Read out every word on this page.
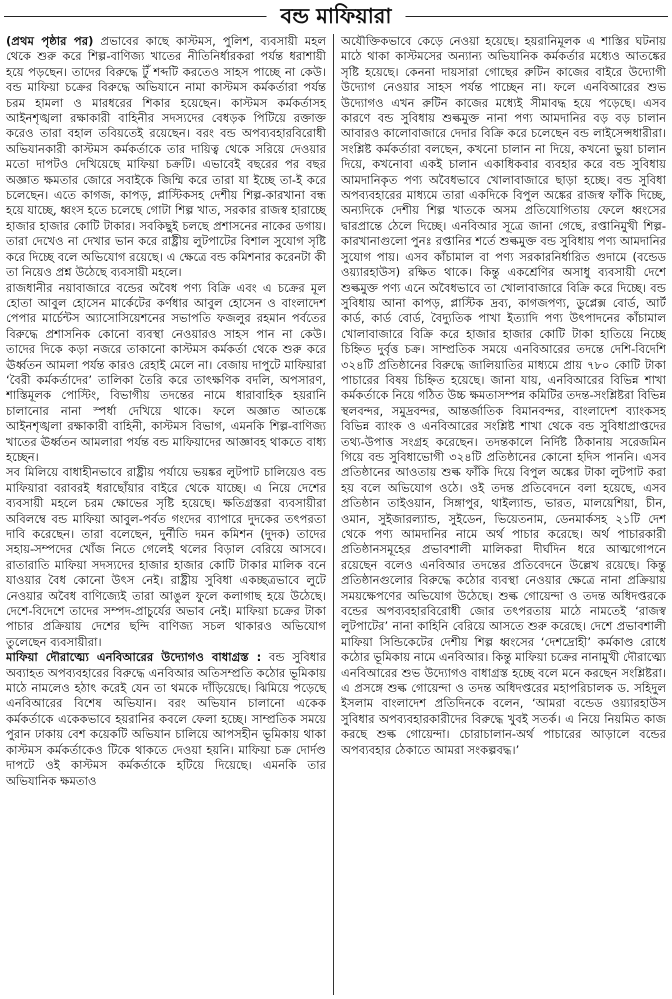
বন্ড মাফিয়ারা

(প্রথম পৃষ্ঠার পর) প্রভাবের কাছে কাস্টমস, পুলিশ, ব্যবসায়ী মহল থেকে শুরু করে শিল্প-বাণিজ্য খাতের নীতিনির্ধারকরা পর্যন্ত ধরাশায়ী হয়ে পড়ছেন। তাদের বিরুদ্ধে টুঁ শব্দটি করতেও সাহস পাচ্ছে না কেউ। বন্ড মাফিয়া চক্রের বিরুদ্ধে অভিযানে নামা কাস্টমস কর্মকর্তারা পর্যন্ত চরম হামলা ও মারধরের শিকার হয়েছেন। কাস্টমস কর্মকর্তাসহ আইনশৃঙ্খলা রক্ষাকারী বাহিনীর সদস্যদের বেধড়ক পিটিয়ে রক্তাক্ত করেও তারা বহাল তবিয়তেই রয়েছেন। বরং বন্ড অপব্যবহারবিরোধী অভিযানকারী কাস্টমস কর্মকর্তাকে তার দায়িত্ব থেকে সরিয়ে দেওয়ার মতো দাপটও দেখিয়েছে মাফিয়া চক্রটি। এভাবেই বছরের পর বছর অজ্ঞাত ক্ষমতার জোরে সবাইকে জিম্মি করে তারা যা ইচ্ছে তা-ই করে চলেছেন। এতে কাগজ, কাপড়, প্লাস্টিকসহ দেশীয় শিল্প-কারখানা বন্ধ হয়ে যাচ্ছে, ধ্বংস হতে চলেছে গোটা শিল্প খাত, সরকার রাজস্ব হারাচ্ছে হাজার হাজার কোটি টাকার। সবকিছুই চলছে প্রশাসনের নাকের ডগায়। তারা দেখেও না দেখার ভান করে রাষ্ট্রীয় লুটপাটের বিশাল সুযোগ সৃষ্টি করে দিচ্ছে বলে অভিযোগ রয়েছে। এ ক্ষেত্রে বন্ড কমিশনার করেনটা কী তা নিয়েও প্রশ্ন উঠেছে ব্যবসায়ী মহলে।

রাজধানীর নয়াবাজারে বন্ডের অবৈধ পণ্য বিক্রি এবং এ চক্রের মূল হোতা আবুল হোসেন মার্কেটের কর্ণধার আবুল হোসেন ও বাংলাদেশ পেপার মার্চেন্টস অ্যাসোসিয়েশনের সভাপতি ফজলুর রহমান পর্বতের বিরুদ্ধে প্রশাসনিক কোনো ব্যবস্থা নেওয়ারও সাহস পান না কেউ। তাদের দিকে কড়া নজরে তাকানো কাস্টমস কর্মকর্তা থেকে শুরু করে ঊর্ধ্বতন আমলা পর্যন্ত কারও রেহাই মেলে না। বেজায় দাপুটে মাফিয়ারা ‘বৈরী কর্মকর্তাদের’ তালিকা তৈরি করে তাৎক্ষণিক বদলি, অপসারণ, শাস্তিমূলক পোস্টিং, বিভাগীয় তদন্তের নামে ধারাবাহিক হয়রানি চালানোর নানা স্পর্ধা দেখিয়ে থাকে। ফলে অজ্ঞাত আতঙ্কে আইনশৃঙ্খলা রক্ষাকারী বাহিনী, কাস্টমস বিভাগ, এমনকি শিল্প-বাণিজ্য খাতের ঊর্ধ্বতন আমলারা পর্যন্ত বন্ড মাফিয়াদের আজ্ঞাবহ থাকতে বাধ্য হচ্ছেন।

সব মিলিয়ে বাধাহীনভাবে রাষ্ট্রীয় পর্যায়ে ভয়ঙ্কর লুটপাট চালিয়েও বন্ড মাফিয়ারা বরাবরই ধরাছোঁয়ার বাইরে থেকে যাচ্ছে। এ নিয়ে দেশের ব্যবসায়ী মহলে চরম ক্ষোভের সৃষ্টি হয়েছে। ক্ষতিগ্রস্তরা ব্যবসায়ীরা অবিলম্বে বন্ড মাফিয়া আবুল-পর্বত গংদের ব্যাপারে দুদকের তৎপরতা দাবি করেছেন। তারা বলেছেন, দুর্নীতি দমন কমিশন (দুদক) তাদের সহায়-সম্পদের খোঁজ নিতে গেলেই থলের বিড়াল বেরিয়ে আসবে। রাতারাতি মাফিয়া সদস্যদের হাজার হাজার কোটি টাকার মালিক বনে যাওয়ার বৈধ কোনো উৎস নেই। রাষ্ট্রীয় সুবিধা একচ্ছত্রভাবে লুটে নেওয়ার অবৈধ বাণিজ্যেই তারা আঙুল ফুলে কলাগাছ হয়ে উঠেছে। দেশে-বিদেশে তাদের সম্পদ-প্রাচুর্যের অভাব নেই। মাফিয়া চক্রের টাকা পাচার প্রক্রিয়ায় দেশের ছন্দি বাণিজ্য সচল থাকারও অভিযোগ তুলেছেন ব্যবসায়ীরা।

মাফিয়া দৌরাত্ম্যে এনবিআরের উদ্যোগও বাধাগ্রস্ত : বন্ড সুবিধার অব্যাহত অপব্যবহারের বিরুদ্ধে এনবিআর অতিসম্প্রতি কঠোর ভূমিকায় মাঠে নামলেও হঠাৎ করেই যেন তা থমকে দাঁড়িয়েছে। ঝিমিয়ে পড়েছে এনবিআরের বিশেষ অভিযান। বরং অভিযান চালানো একেক কর্মকর্তাকে একেকভাবে হয়রানির কবলে ফেলা হচ্ছে। সাম্প্রতিক সময়ে পুরান ঢাকায় বেশ কয়েকটি অভিযান চালিয়ে আপসহীন ভূমিকায় থাকা কাস্টমস কর্মকর্তাকেও টিকে থাকতে দেওয়া হয়নি। মাফিয়া চক্র দোর্দণ্ড দাপটে ওই কাস্টমস কর্মকর্তাকে হটিয়ে দিয়েছে। এমনকি তার অভিযানিক ক্ষমতাও

অযৌক্তিকভাবে কেড়ে নেওয়া হয়েছে। হয়রানিমূলক এ শাস্তির ঘটনায় মাঠে থাকা কাস্টমসের অন্যান্য অভিযানিক কর্মকর্তার মধ্যেও আতঙ্কের সৃষ্টি হয়েছে। কেননা দায়সারা গোছের রুটিন কাজের বাইরে উদ্যোগী উদ্যোগ নেওয়ার সাহস পর্যন্ত পাচ্ছেন না। ফলে এনবিআরের শুভ উদ্যোগও এখন রুটিন কাজের মধ্যেই সীমাবদ্ধ হয়ে পড়েছে। এসব কারণে বন্ড সুবিধায় শুল্কমুক্ত নানা পণ্য আমদানির বড় বড় চালান আবারও কালোবাজারে দেদার বিক্রি করে চলেছেন বন্ড লাইসেন্সধারীরা। সংশ্লিষ্ট কর্মকর্তারা বলছেন, কখনো চালান না দিয়ে, কখনো ভুয়া চালান দিয়ে, কখনোবা একই চালান একাধিকবার ব্যবহার করে বন্ড সুবিধায় আমদানিকৃত পণ্য অবৈধভাবে খোলাবাজারে ছাড়া হচ্ছে। বন্ড সুবিধা অপব্যবহারের মাধ্যমে তারা একদিকে বিপুল অঙ্কের রাজস্ব ফাঁকি দিচ্ছে, অন্যদিকে দেশীয় শিল্প খাতকে অসম প্রতিযোগিতায় ফেলে ধ্বংসের দ্বারপ্রান্তে ঠেলে দিচ্ছে। এনবিআর সূত্রে জানা গেছে, রপ্তানিমুখী শিল্প-কারখানাগুলো পুনঃ রপ্তানির শর্তে শুল্কমুক্ত বন্ড সুবিধায় পণ্য আমদানির সুযোগ পায়। এসব কাঁচামাল বা পণ্য সরকারনির্ধারিত গুদামে (বন্ডেড ওয়্যারহাউস) রক্ষিত থাকে। কিন্তু একশ্রেণির অসাধু ব্যবসায়ী দেশে শুল্কমুক্ত পণ্য এনে অবৈধভাবে তা খোলাবাজারে বিক্রি করে দিচ্ছে। বন্ড সুবিধায় আনা কাপড়, প্লাস্টিক দ্রব্য, কাগজপণ্য, ডুপ্লেক্স বোর্ড, আর্ট কার্ড, কার্ড বোর্ড, বৈদ্যুতিক পাখা ইত্যাদি পণ্য উৎপাদনের কাঁচামাল খোলাবাজারে বিক্রি করে হাজার হাজার কোটি টাকা হাতিয়ে নিচ্ছে চিহ্নিত দুর্বৃত্ত চক্র। সাম্প্রতিক সময়ে এনবিআরের তদন্তে দেশি-বিদেশি ৩২৪টি প্রতিষ্ঠানের বিরুদ্ধে জালিয়াতির মাধ্যমে প্রায় ৭৮০ কোটি টাকা পাচারের বিষয় চিহ্নিত হয়েছে। জানা যায়, এনবিআরের বিভিন্ন শাখা কর্মকর্তাকে নিয়ে গঠিত উচ্চ ক্ষমতাসম্পন্ন কমিটির তদন্ত-সংশ্লিষ্টরা বিভিন্ন স্থলবন্দর, সমুদ্রবন্দর, আন্তর্জাতিক বিমানবন্দর, বাংলাদেশ ব্যাংকসহ বিভিন্ন ব্যাংক ও এনবিআরের সংশ্লিষ্ট শাখা থেকে বন্ড সুবিধাপ্রাপ্তদের তথ্য-উপাত্ত সংগ্রহ করেছেন। তদন্তকালে নির্দিষ্ট ঠিকানায় সরেজমিন গিয়ে বন্ড সুবিধাভোগী ৩২৪টি প্রতিষ্ঠানের কোনো হদিস পাননি। এসব প্রতিষ্ঠানের আওতায় শুল্ক ফাঁকি দিয়ে বিপুল অঙ্কের টাকা লুটপাট করা হয় বলে অভিযোগ ওঠে। ওই তদন্ত প্রতিবেদনে বলা হয়েছে, এসব প্রতিষ্ঠান তাইওয়ান, সিঙ্গাপুর, থাইল্যান্ড, ভারত, মালয়েশিয়া, চীন, ওমান, সুইজারল্যান্ড, সুইডেন, ভিয়েতনাম, ডেনমার্কসহ ২১টি দেশ থেকে পণ্য আমদানির নামে অর্থ পাচার করেছে। অর্থ পাচারকারী প্রতিষ্ঠানসমূহের প্রভাবশালী মালিকরা দীর্ঘদিন ধরে আত্মগোপনে রয়েছেন বলেও এনবিআর তদন্তের প্রতিবেদনে উল্লেখ রয়েছে। কিন্তু প্রতিষ্ঠানগুলোর বিরুদ্ধে কঠোর ব্যবস্থা নেওয়ার ক্ষেত্রে নানা প্রক্রিয়ায় সময়ক্ষেপণের অভিযোগ উঠেছে। শুল্ক গোয়েন্দা ও তদন্ত অধিদপ্তরকে বন্ডের অপব্যবহারবিরোধী জোর তৎপরতায় মাঠে নামতেই ‘রাজস্ব লুটপাটের’ নানা কাহিনি বেরিয়ে আসতে শুরু করেছে। দেশে প্রভাবশালী মাফিয়া সিন্ডিকেটের দেশীয় শিল্প ধ্বংসের ‘দেশদ্রোহী’ কর্মকাণ্ড রোধে কঠোর ভূমিকায় নামে এনবিআর। কিন্তু মাফিয়া চক্রের নানামুখী দৌরাত্ম্যে এনবিআরের শুভ উদ্যোগও বাধাগ্রস্ত হচ্ছে বলে মনে করছেন সংশ্লিষ্টরা। এ প্রসঙ্গে শুল্ক গোয়েন্দা ও তদন্ত অধিদপ্তরের মহাপরিচালক ড. সহিদুল ইসলাম বাংলাদেশ প্রতিদিনকে বলেন, ‘আমরা বন্ডেড ওয়্যারহাউস সুবিধার অপব্যবহারকারীদের বিরুদ্ধে খুবই সতর্ক। এ নিয়ে নিয়মিত কাজ করছে শুল্ক গোয়েন্দা। চোরাচালান-অর্থ পাচারের আড়ালে বন্ডের অপব্যবহার ঠেকাতে আমরা সংকল্পবদ্ধ।’
